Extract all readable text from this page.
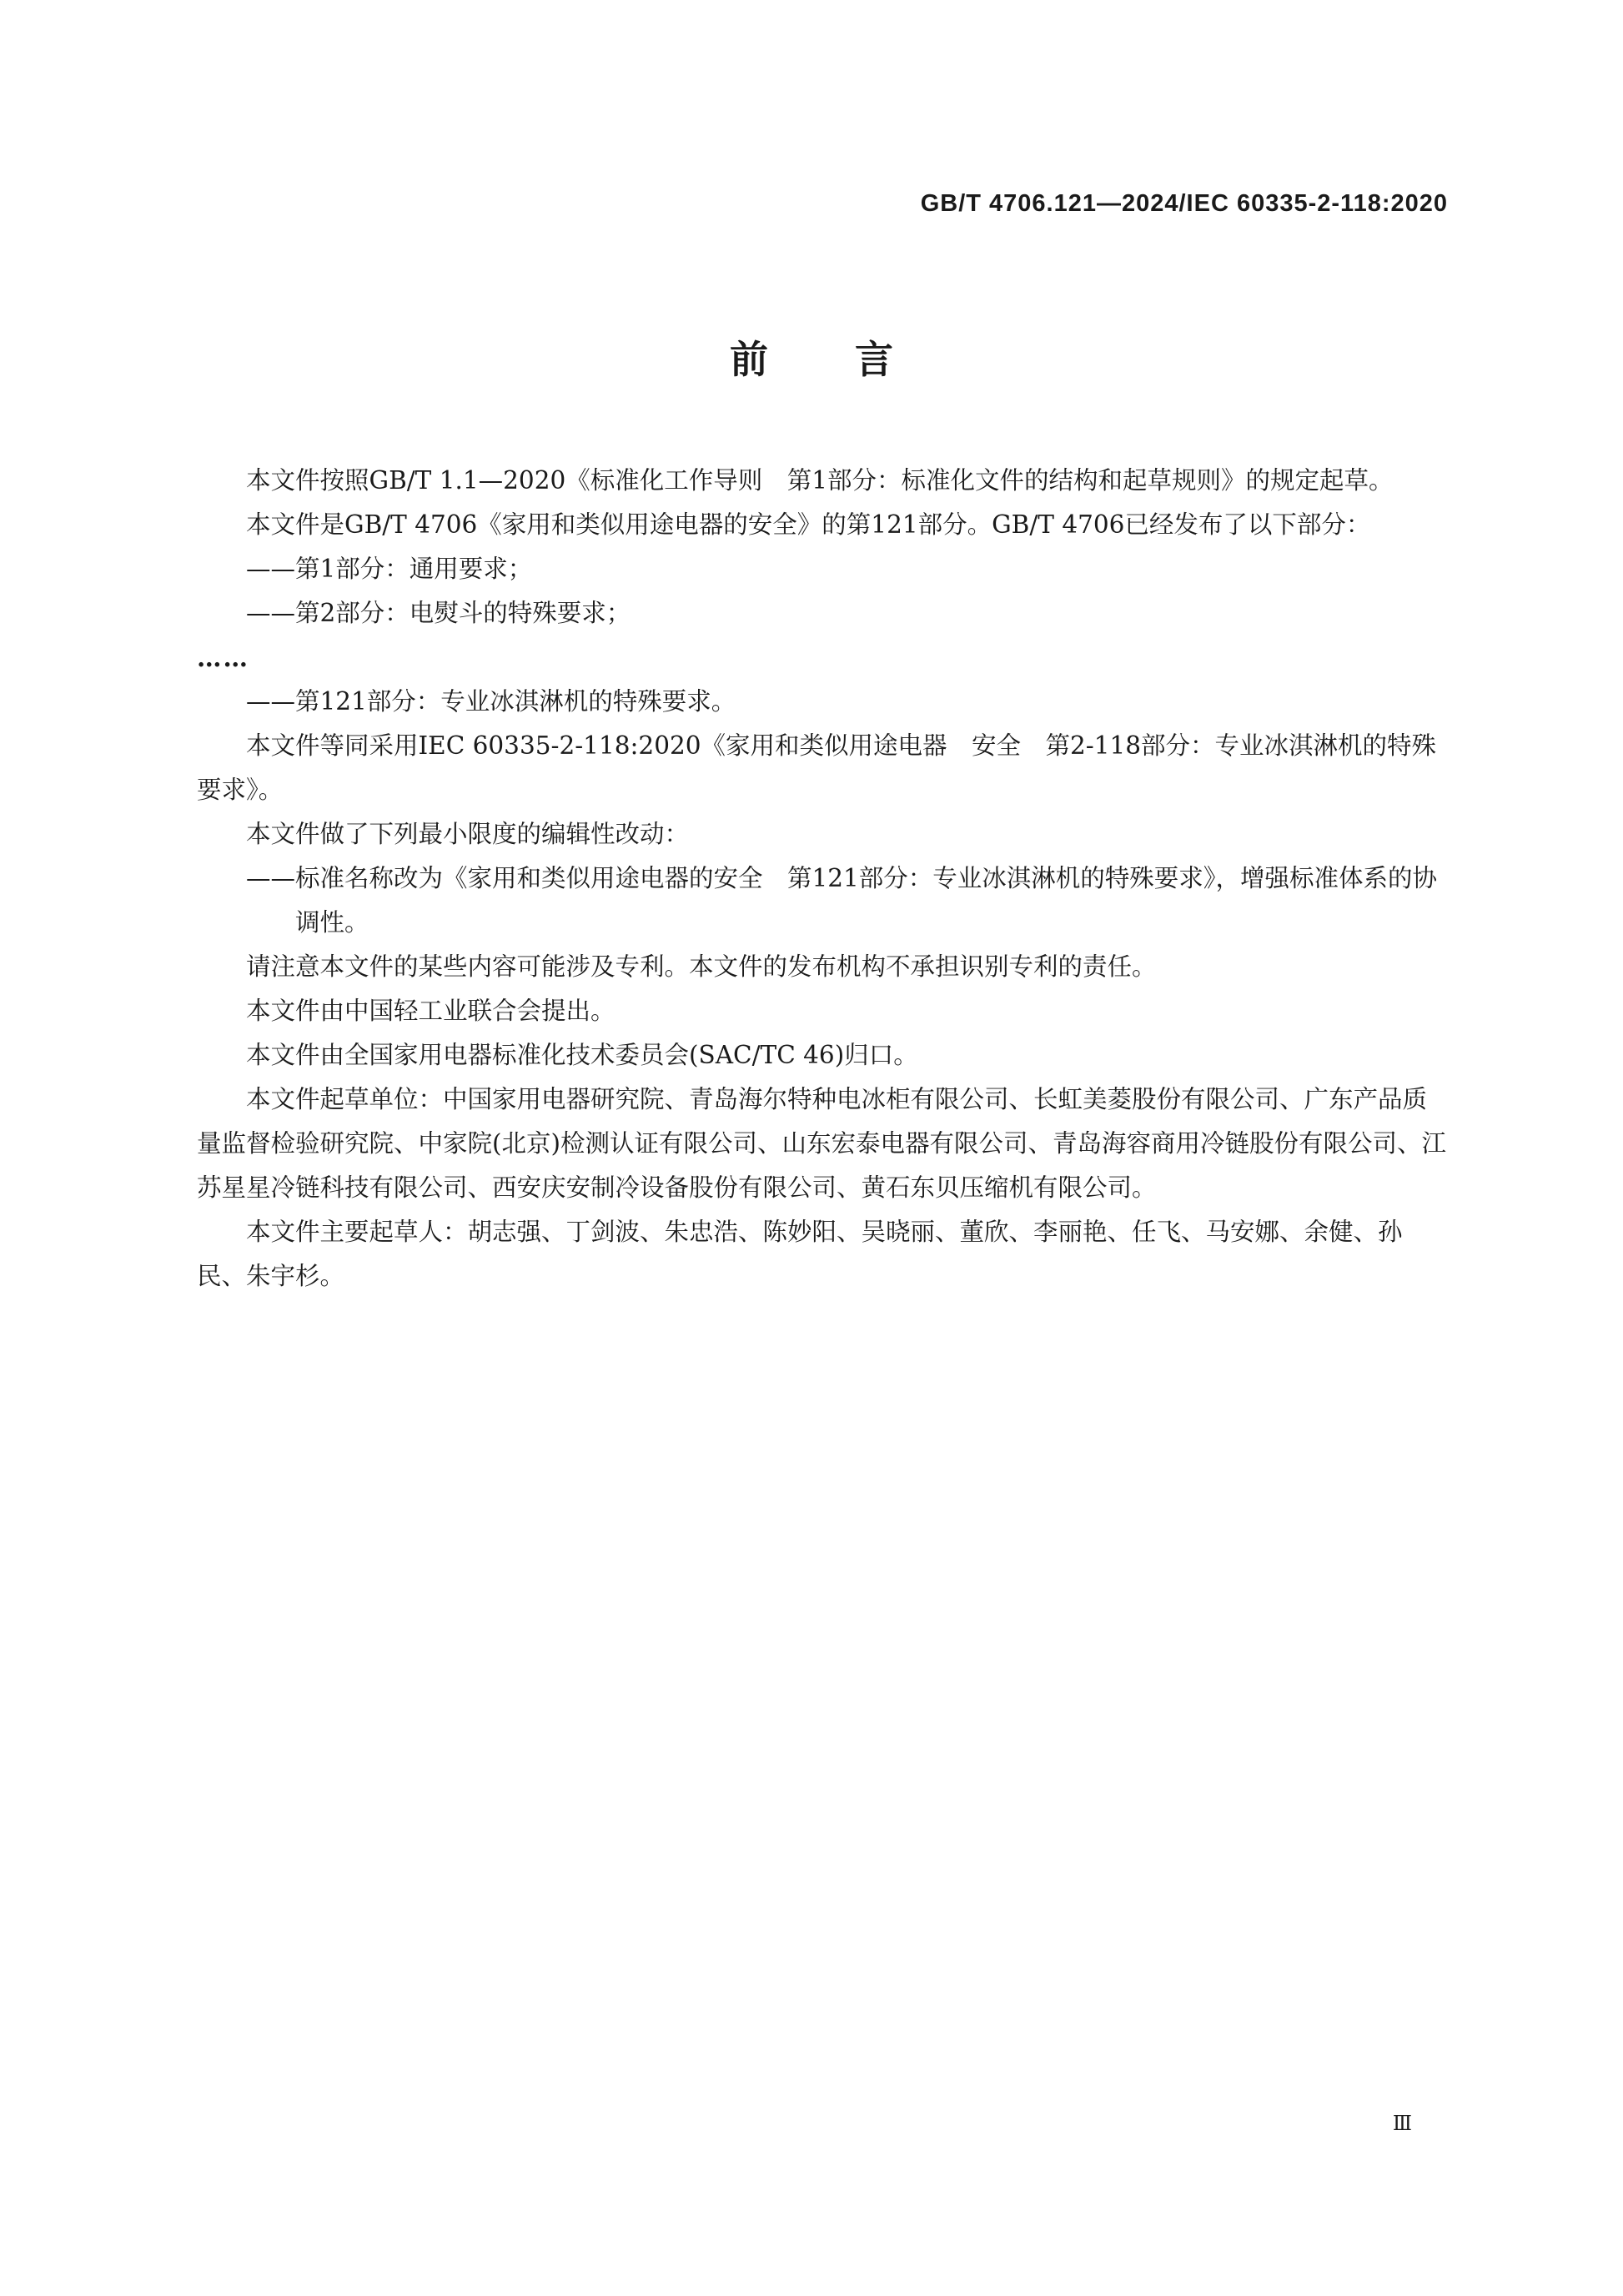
GB/T 4706.121—2024/IEC 60335-2-118:2020
前言

本文件按照GB/T 1.1—2020《标准化工作导则　第1部分：标准化文件的结构和起草规则》的规定起草。

本文件是GB/T 4706《家用和类似用途电器的安全》的第121部分。GB/T 4706已经发布了以下部分：

——第1部分：通用要求；

——第2部分：电熨斗的特殊要求；

……

——第121部分：专业冰淇淋机的特殊要求。

本文件等同采用IEC 60335-2-118:2020《家用和类似用途电器　安全　第2-118部分：专业冰淇淋机的特殊要求》。

本文件做了下列最小限度的编辑性改动：

——标准名称改为《家用和类似用途电器的安全　第121部分：专业冰淇淋机的特殊要求》，增强标准体系的协调性。

请注意本文件的某些内容可能涉及专利。本文件的发布机构不承担识别专利的责任。

本文件由中国轻工业联合会提出。

本文件由全国家用电器标准化技术委员会(SAC/TC 46)归口。

本文件起草单位：中国家用电器研究院、青岛海尔特种电冰柜有限公司、长虹美菱股份有限公司、广东产品质量监督检验研究院、中家院(北京)检测认证有限公司、山东宏泰电器有限公司、青岛海容商用冷链股份有限公司、江苏星星冷链科技有限公司、西安庆安制冷设备股份有限公司、黄石东贝压缩机有限公司。

本文件主要起草人：胡志强、丁剑波、朱忠浩、陈妙阳、吴晓丽、董欣、李丽艳、任飞、马安娜、余健、孙民、朱宇杉。

Ⅲ
